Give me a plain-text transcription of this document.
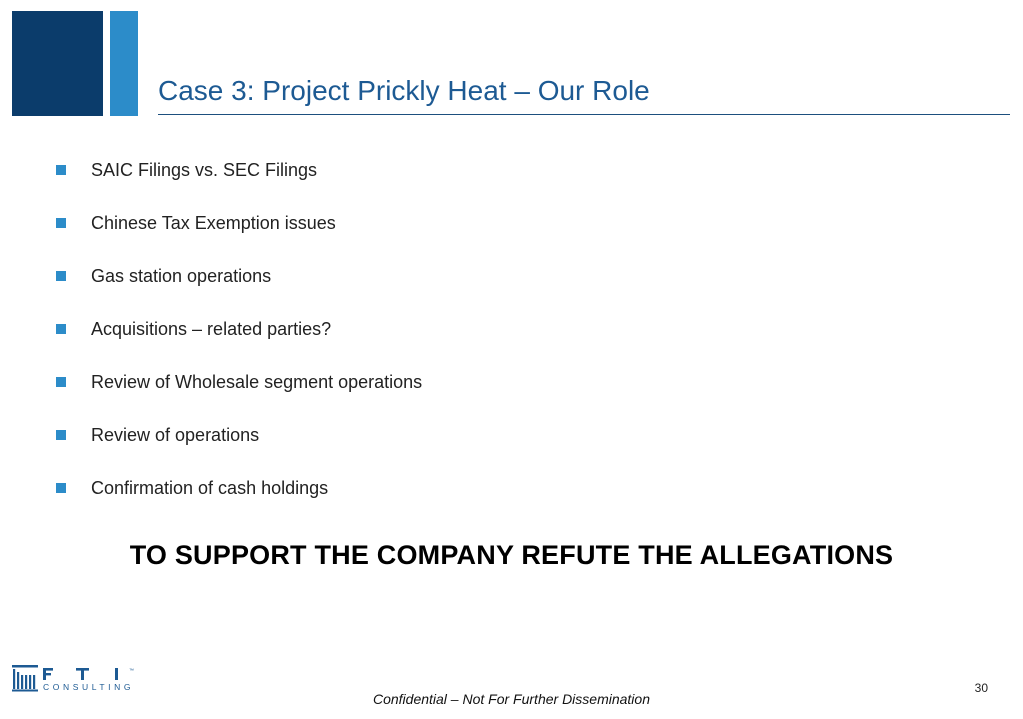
Case 3: Project Prickly Heat – Our Role
SAIC Filings vs. SEC Filings
Chinese Tax Exemption issues
Gas station operations
Acquisitions – related parties?
Review of Wholesale segment operations
Review of operations
Confirmation of cash holdings
TO SUPPORT THE COMPANY REFUTE THE ALLEGATIONS
™
CONSULTING	30
Confidential – Not For Further Dissemination
